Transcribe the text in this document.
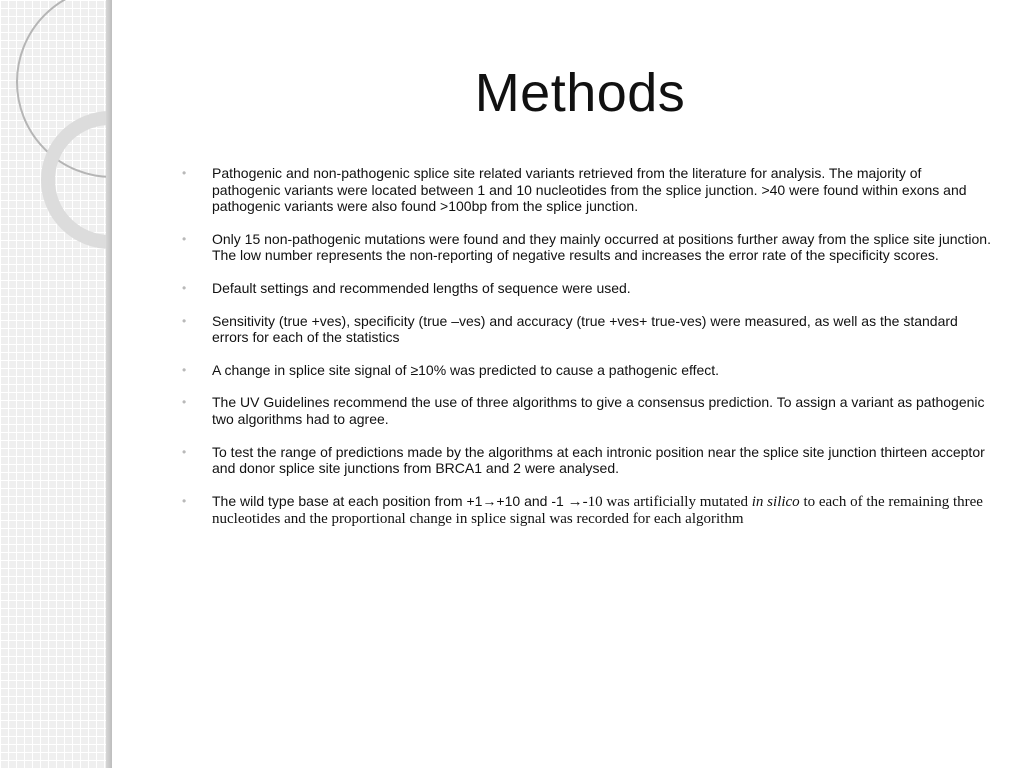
Methods
• Pathogenic and non-pathogenic splice site related variants retrieved from the literature for analysis. The majority of pathogenic variants were located between 1 and 10 nucleotides from the splice junction. >40 were found within exons and pathogenic variants were also found >100bp from the splice junction.
• Only 15 non-pathogenic mutations were found and they mainly occurred at positions further away from the splice site junction. The low number represents the non-reporting of negative results and increases the error rate of the specificity scores.
• Default settings and recommended lengths of sequence were used.
• Sensitivity (true +ves), specificity (true –ves) and accuracy (true +ves+ true-ves) were measured, as well as the standard errors for each of the statistics
• A change in splice site signal of ≥10% was predicted to cause a pathogenic effect.
• The UV Guidelines recommend the use of three algorithms to give a consensus prediction. To assign a variant as pathogenic two algorithms had to agree.
• To test the range of predictions made by the algorithms at each intronic position near the splice site junction thirteen acceptor and donor splice site junctions from BRCA1 and 2 were analysed.
• The wild type base at each position from +1→+10 and -1 →-10 was artificially mutated in silico to each of the remaining three nucleotides and the proportional change in splice signal was recorded for each algorithm
